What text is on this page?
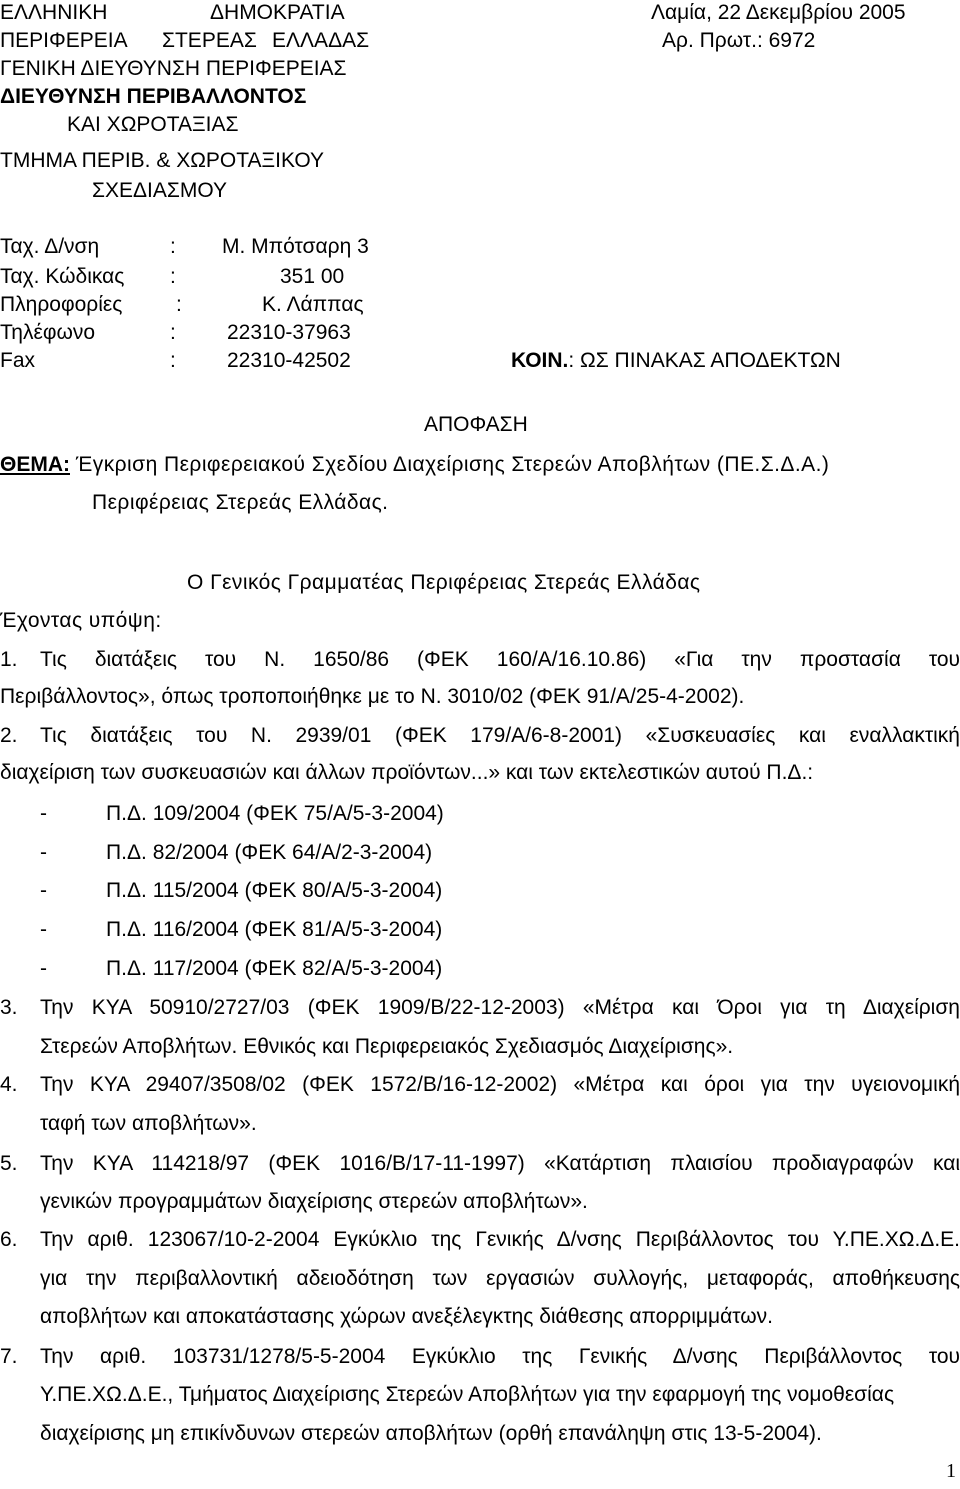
ΕΛΛΗΝΙΚΗ	ΔΗΜΟΚΡΑΤΙΑ
ΠΕΡΙΦΕΡΕΙΑ ΣΤΕΡΕΑΣ ΕΛΛΑΔΑΣ
ΓΕΝΙΚΗ ΔΙΕΥΘΥΝΣΗ ΠΕΡΙΦΕΡΕΙΑΣ
ΔΙΕΥΘΥΝΣΗ ΠΕΡΙΒΑΛΛΟΝΤΟΣ
ΚΑΙ ΧΩΡΟΤΑΞΙΑΣ
ΤΜΗΜΑ ΠΕΡΙΒ. & ΧΩΡΟΤΑΞΙΚΟΥ
ΣΧΕΔΙΑΣΜΟΥ
Λαμία, 22 Δεκεμβρίου 2005
Αρ. Πρωτ.: 6972
Ταχ. Δ/νση	: Μ. Μπότσαρη 3
Ταχ. Κώδικας :	351 00
Πληροφορίες	:	Κ. Λάππας
Τηλέφωνο	: 22310-37963
Fax	: 22310-42502	ΚΟΙΝ.: ΩΣ ΠΙΝΑΚΑΣ ΑΠΟΔΕΚΤΩΝ
ΑΠΟΦΑΣΗ
ΘΕΜΑ: Έγκριση Περιφερειακού Σχεδίου Διαχείρισης Στερεών Αποβλήτων (ΠΕ.Σ.Δ.Α.)
Περιφέρειας Στερεάς Ελλάδας.
Ο Γενικός Γραμματέας Περιφέρειας Στερεάς Ελλάδας
Έχοντας υπόψη:
1. Τις διατάξεις του Ν. 1650/86 (ΦΕΚ 160/Α/16.10.86) «Για την προστασία του
Περιβάλλοντος», όπως τροποποιήθηκε με το Ν. 3010/02 (ΦΕΚ 91/Α/25-4-2002).
2. Τις διατάξεις του Ν. 2939/01 (ΦΕΚ 179/Α/6-8-2001) «Συσκευασίες και εναλλακτική
διαχείριση των συσκευασιών και άλλων προϊόντων...» και των εκτελεστικών αυτού Π.Δ.:
-	Π.Δ. 109/2004 (ΦΕΚ 75/Α/5-3-2004)
-	Π.Δ. 82/2004 (ΦΕΚ 64/Α/2-3-2004)
-	Π.Δ. 115/2004 (ΦΕΚ 80/Α/5-3-2004)
-	Π.Δ. 116/2004 (ΦΕΚ 81/Α/5-3-2004)
-	Π.Δ. 117/2004 (ΦΕΚ 82/Α/5-3-2004)
3. Την ΚΥΑ 50910/2727/03 (ΦΕΚ 1909/Β/22-12-2003) «Μέτρα και Όροι για τη Διαχείριση
Στερεών Αποβλήτων. Εθνικός και Περιφερειακός Σχεδιασμός Διαχείρισης».
4. Την ΚΥΑ 29407/3508/02 (ΦΕΚ 1572/Β/16-12-2002) «Μέτρα και όροι για την υγειονομική
ταφή των αποβλήτων».
5. Την ΚΥΑ 114218/97 (ΦΕΚ 1016/Β/17-11-1997) «Κατάρτιση πλαισίου προδιαγραφών και
γενικών προγραμμάτων διαχείρισης στερεών αποβλήτων».
6. Την αριθ. 123067/10-2-2004 Εγκύκλιο της Γενικής Δ/νσης Περιβάλλοντος του Υ.ΠΕ.ΧΩ.Δ.Ε.
για την περιβαλλοντική αδειοδότηση των εργασιών συλλογής, μεταφοράς, αποθήκευσης
αποβλήτων και αποκατάστασης χώρων ανεξέλεγκτης διάθεσης απορριμμάτων.
7. Την αριθ. 103731/1278/5-5-2004 Εγκύκλιο της Γενικής Δ/νσης Περιβάλλοντος του
Υ.ΠΕ.ΧΩ.Δ.Ε., Τμήματος Διαχείρισης Στερεών Αποβλήτων για την εφαρμογή της νομοθεσίας
διαχείρισης μη επικίνδυνων στερεών αποβλήτων (ορθή επανάληψη στις 13-5-2004).
1
